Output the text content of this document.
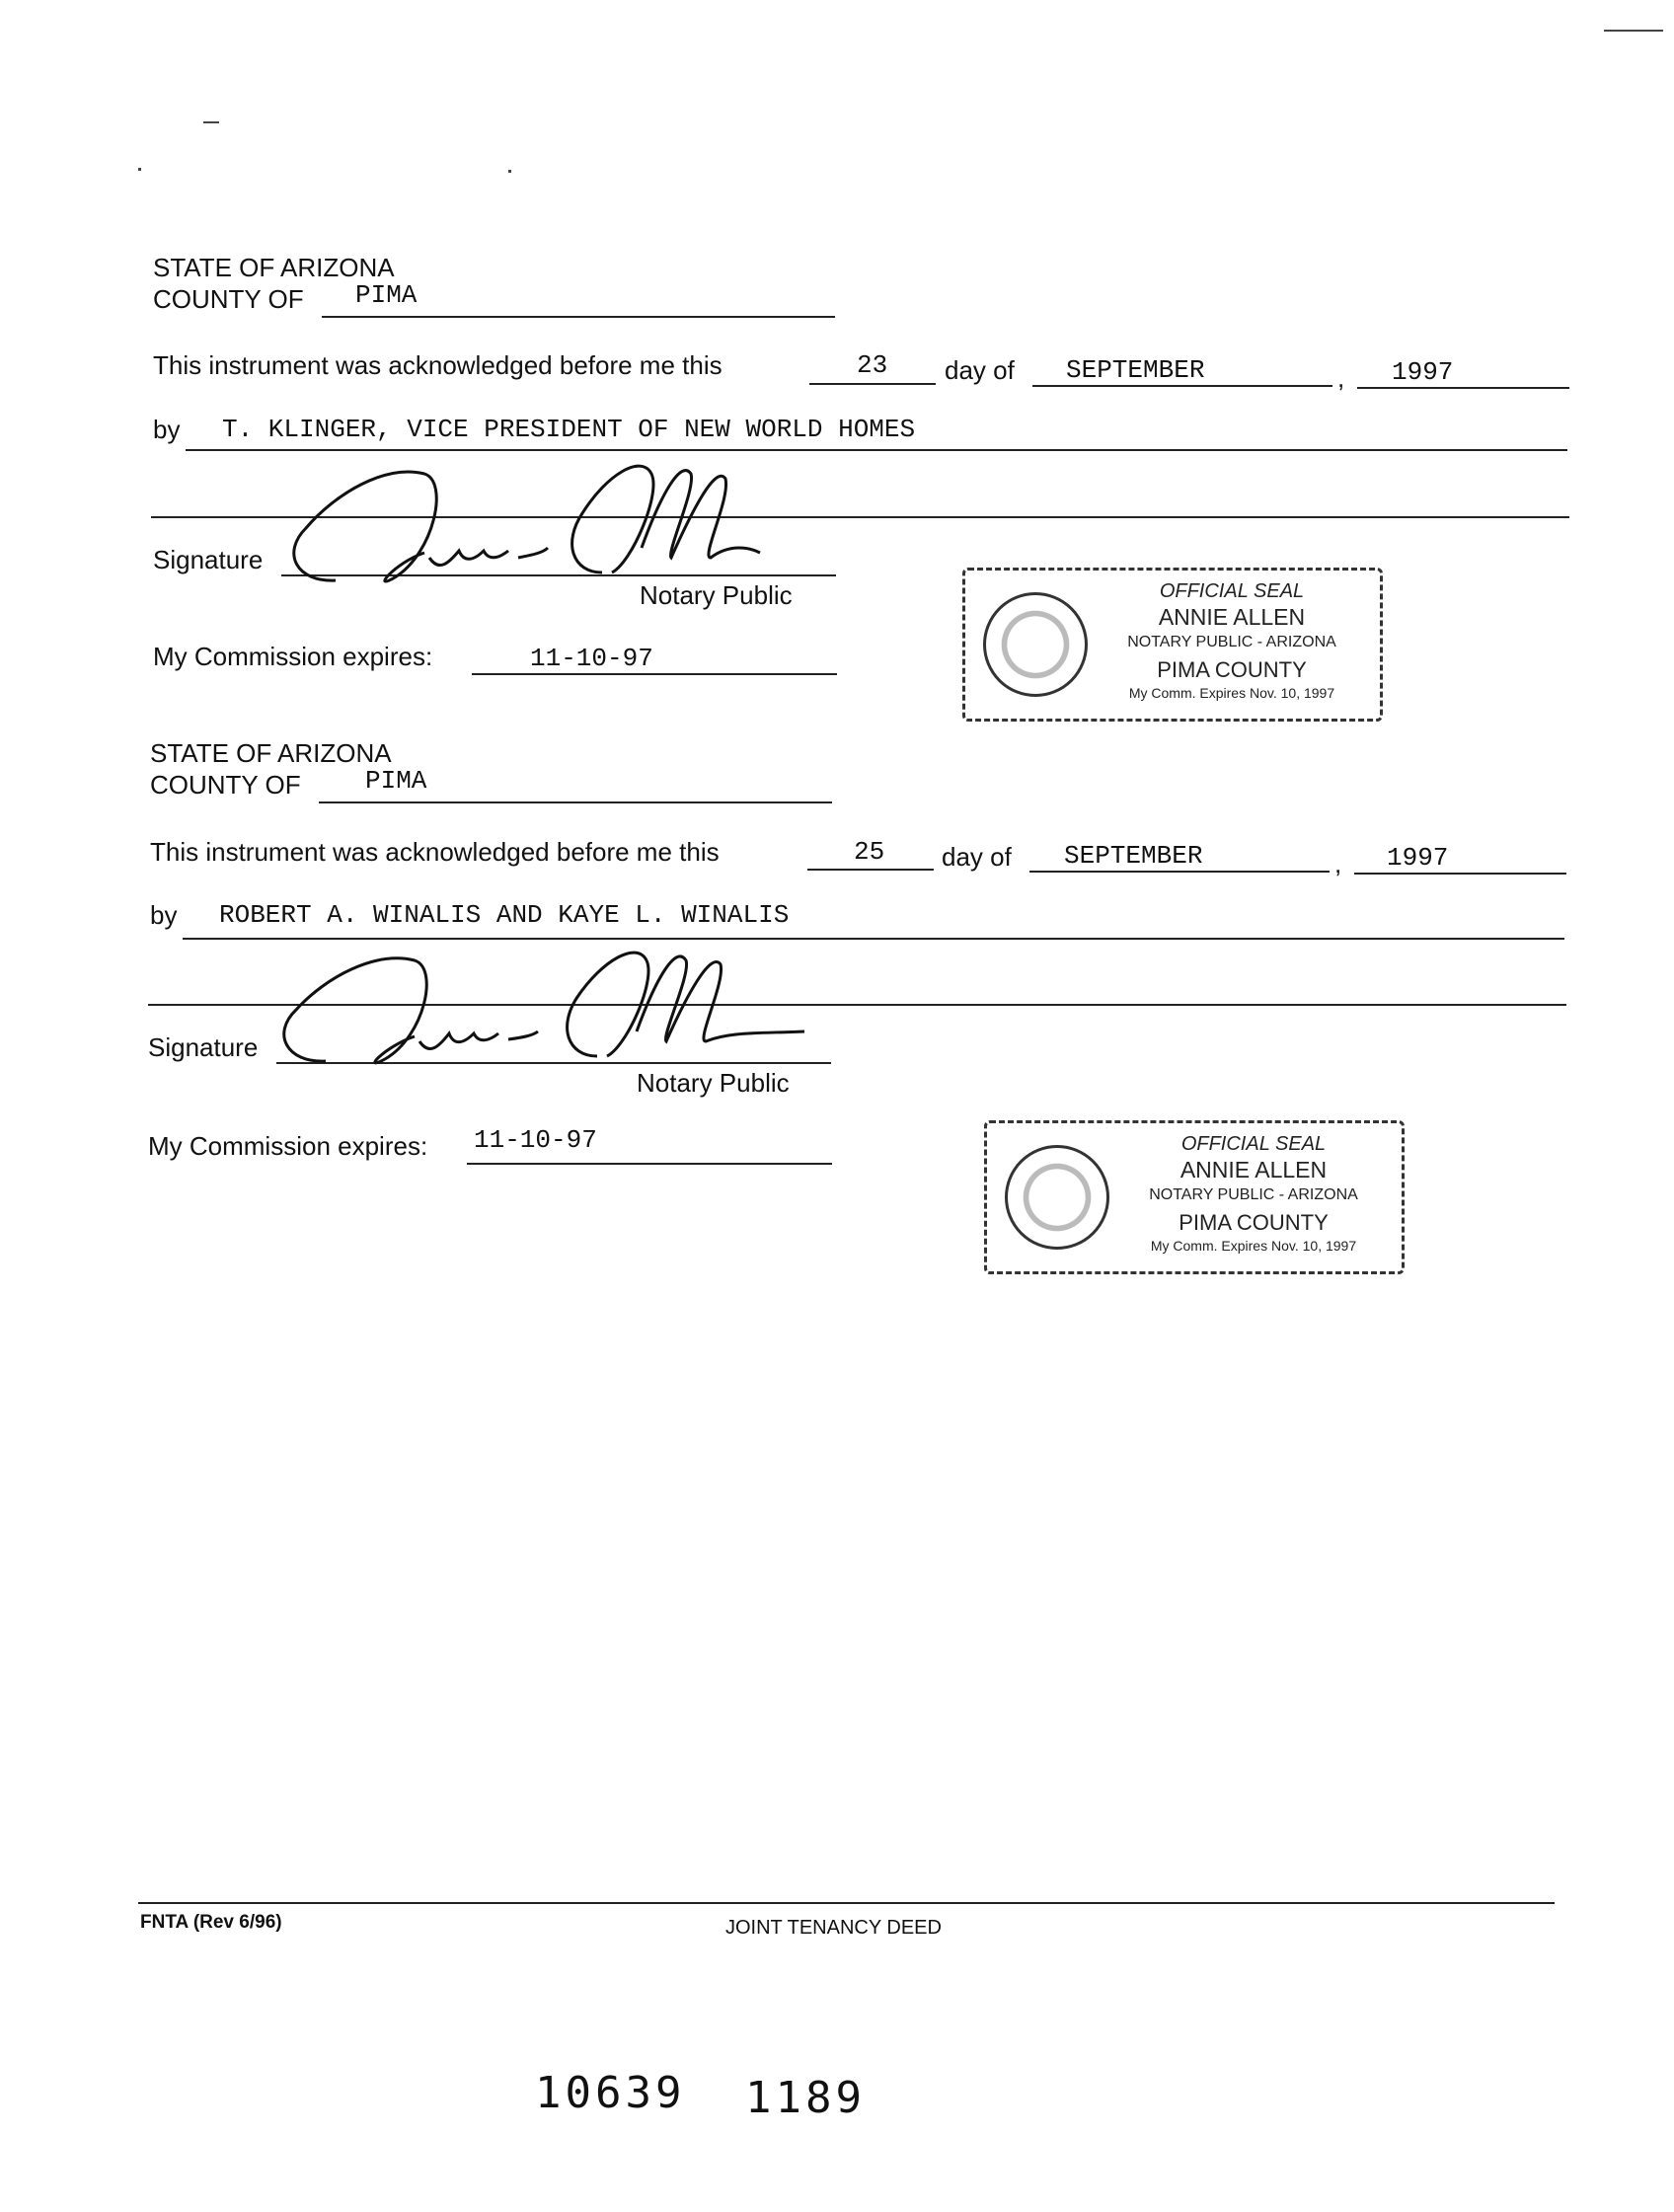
STATE OF ARIZONA
COUNTY OF PIMA
This instrument was acknowledged before me this	23 day of SEPTEMBER	, 1997
by T. KLINGER, VICE PRESIDENT OF NEW WORLD HOMES
Signature
Notary Public
My Commission expires:	11-10-97
OFFICIAL SEAL
ANNIE ALLEN
NOTARY PUBLIC - ARIZONA
PIMA COUNTY
My Comm. Expires Nov. 10, 1997
STATE OF ARIZONA
COUNTY OF	PIMA
This instrument was acknowledged before me this	25 day of SEPTEMBER	, 1997
by ROBERT A. WINALIS AND KAYE L. WINALIS
Signature
Notary Public
My Commission expires: 11-10-97	OFFICIAL SEAL
ANNIE ALLEN
NOTARY PUBLIC - ARIZONA
PIMA COUNTY
My Comm. Expires Nov. 10, 1997
FNTA (Rev 6/96)	JOINT TENANCY DEED
10639 1189
